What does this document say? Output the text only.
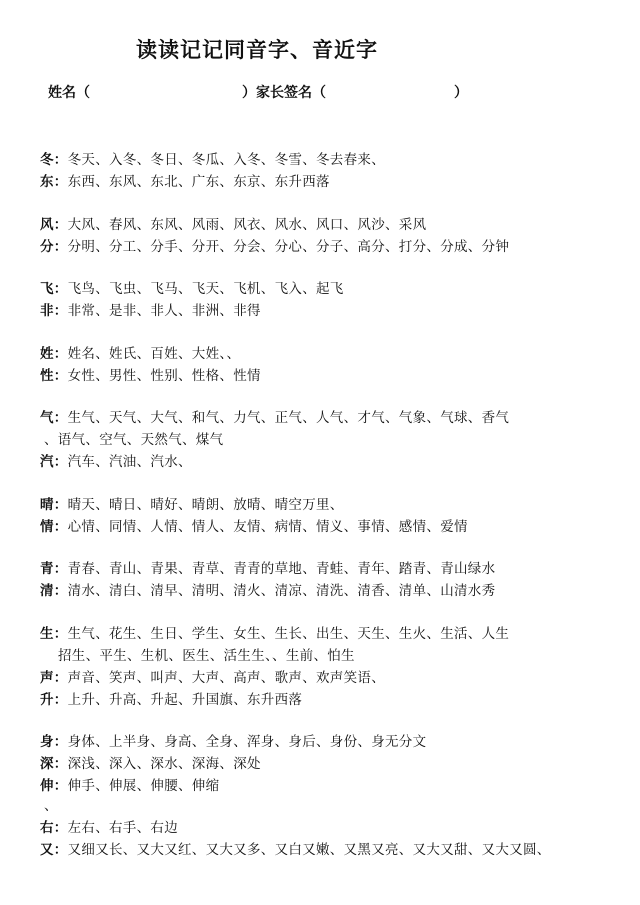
读读记记同音字、音近字
姓名（	）家长签名（	）
冬：冬天、入冬、冬日、冬瓜、入冬、冬雪、冬去春来、
东：东西、东风、东北、广东、东京、东升西落
风：大风、春风、东风、风雨、风衣、风水、风口、风沙、采风
分：分明、分工、分手、分开、分会、分心、分子、高分、打分、分成、分钟
飞：飞鸟、飞虫、飞马、飞天、飞机、飞入、起飞
非：非常、是非、非人、非洲、非得
姓：姓名、姓氏、百姓、大姓、、
性：女性、男性、性别、性格、性情
气：生气、天气、大气、和气、力气、正气、人气、才气、气象、气球、香气
、语气、空气、天然气、煤气
汽：汽车、汽油、汽水、
晴：晴天、晴日、晴好、晴朗、放晴、晴空万里、
情：心情、同情、人情、情人、友情、病情、情义、事情、感情、爱情
青：青春、青山、青果、青草、青青的草地、青蛙、青年、踏青、青山绿水
清：清水、清白、清早、清明、清火、清凉、清洗、清香、清单、山清水秀
生：生气、花生、生日、学生、女生、生长、出生、天生、生火、生活、人生
招生、平生、生机、医生、活生生、、生前、怕生
声：声音、笑声、叫声、大声、高声、歌声、欢声笑语、
升：上升、升高、升起、升国旗、东升西落
身：身体、上半身、身高、全身、浑身、身后、身份、身无分文
深：深浅、深入、深水、深海、深处
伸：伸手、伸展、伸腰、伸缩
、
右：左右、右手、右边
又：又细又长、又大又红、又大又多、又白又嫩、又黑又亮、又大又甜、又大又圆、
